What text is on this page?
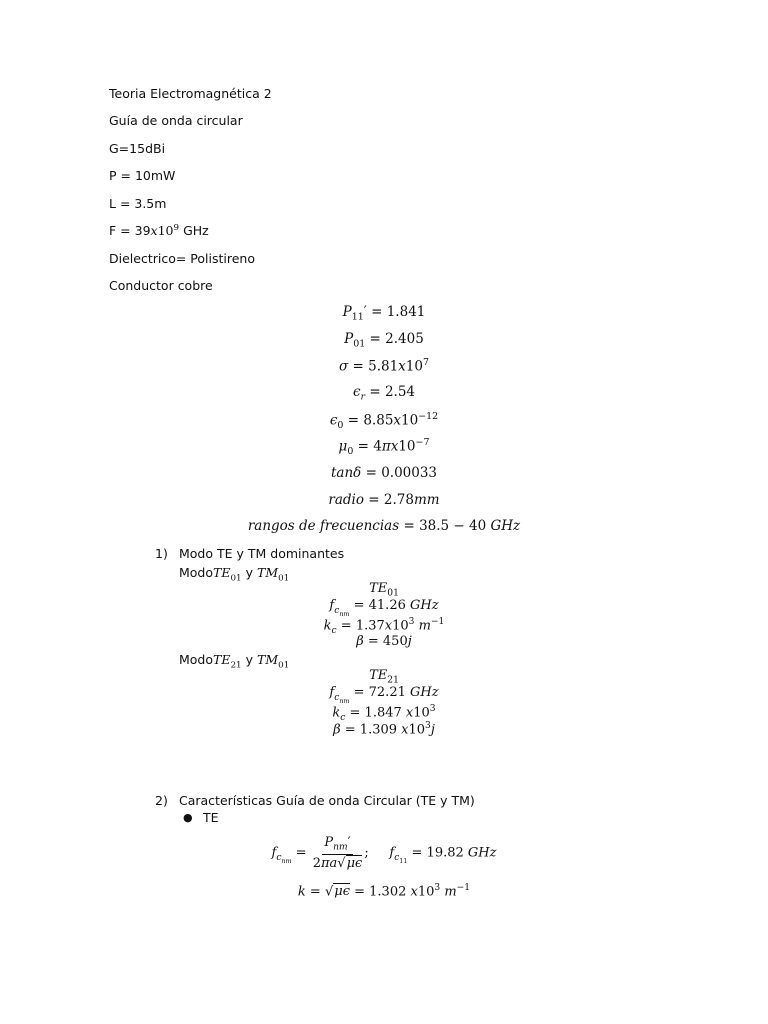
Teoria Electromagnética 2
Guía de onda circular
G=15dBi
P = 10mW
L = 3.5m
$F = 39x10^9$ GHz
Dielectrico= Polistireno
Conductor cobre
$P_{11}' = 1.841$
$P_{01} = 2.405$
$\sigma = 5.81x10^7$
$\epsilon_r = 2.54$
$\epsilon_0 = 8.85x10^{-12}$
$\mu_0 = 4\pi x10^{-7}$
tanδ = 0.00033
radio = 2.78mm
rangos de frecuencias = 38.5 − 40 GHz
1) Modo TE y TM dominantes
ModoTE$_{01}$ y $TM_{01}$
$TE_{01}$
$f_{c_{nm}} = 41.26$ GHz
$k_c = 1.37x10^3$ $m^{-1}$
β = 450j
ModoTE$_{21}$ y $TM_{01}$
$TE_{21}$
$f_{c_{nm}} = 72.21$ GHz
$k_c = 1.847$ $x10^3$
β = 1.309 $x10^3j$
2) Características Guía de onda Circular (TE y TM)
● TE
$f_{c_{nm}} = \frac{P_{nm}'}{2\pi a√\mu\epsilon}$ ;     $f_{c_{11}} = 19.82$ GHz
k = √μϵ = 1.302 $x10^3$ $m^{-1}$
